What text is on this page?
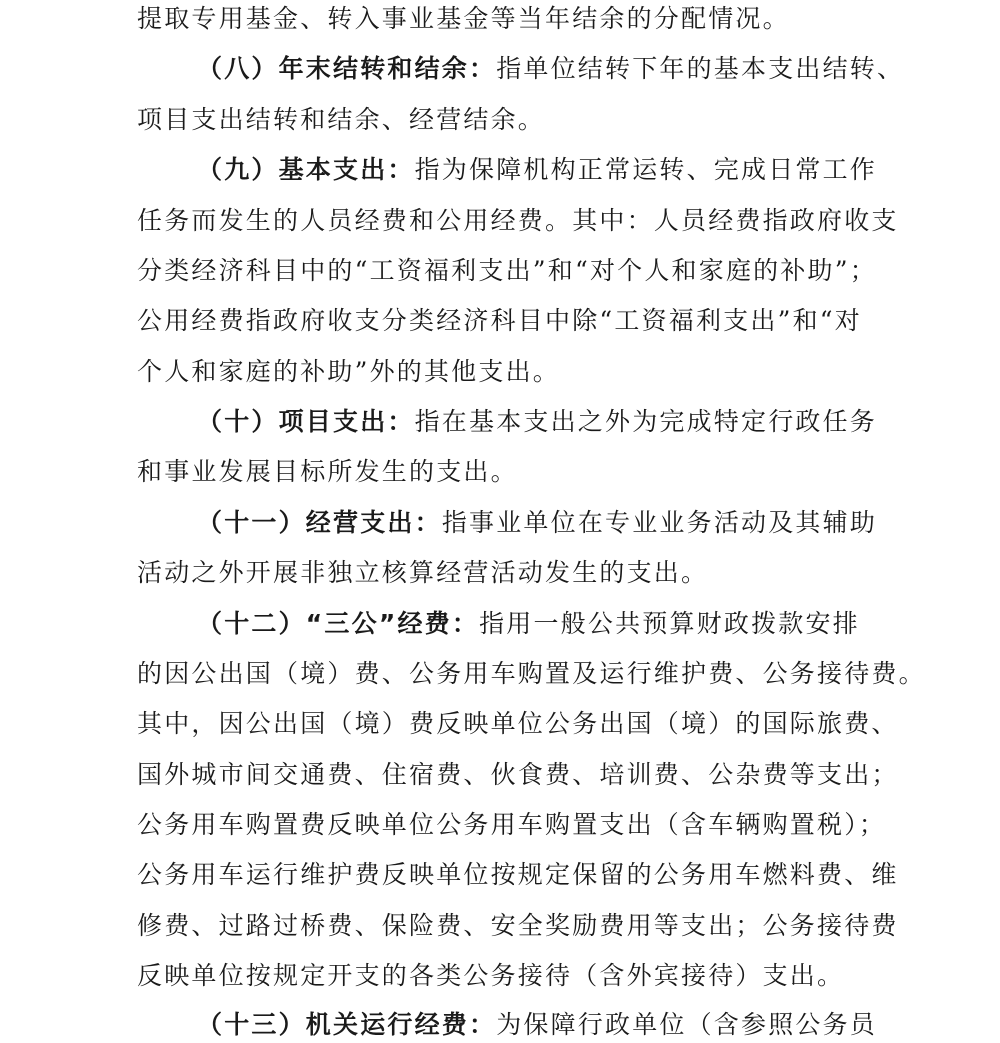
提取专用基金、转入事业基金等当年结余的分配情况。
（八）年末结转和结余：指单位结转下年的基本支出结转、
项目支出结转和结余、经营结余。
（九）基本支出：指为保障机构正常运转、完成日常工作
任务而发生的人员经费和公用经费。其中：人员经费指政府收支
分类经济科目中的“工资福利支出”和“对个人和家庭的补助”；
公用经费指政府收支分类经济科目中除“工资福利支出”和“对
个人和家庭的补助”外的其他支出。
（十）项目支出：指在基本支出之外为完成特定行政任务
和事业发展目标所发生的支出。
（十一）经营支出：指事业单位在专业业务活动及其辅助
活动之外开展非独立核算经营活动发生的支出。
（十二）“三公”经费：指用一般公共预算财政拨款安排
的因公出国（境）费、公务用车购置及运行维护费、公务接待费。
其中，因公出国（境）费反映单位公务出国（境）的国际旅费、
国外城市间交通费、住宿费、伙食费、培训费、公杂费等支出；
公务用车购置费反映单位公务用车购置支出（含车辆购置税）；
公务用车运行维护费反映单位按规定保留的公务用车燃料费、维
修费、过路过桥费、保险费、安全奖励费用等支出；公务接待费
反映单位按规定开支的各类公务接待（含外宾接待）支出。
（十三）机关运行经费：为保障行政单位（含参照公务员
